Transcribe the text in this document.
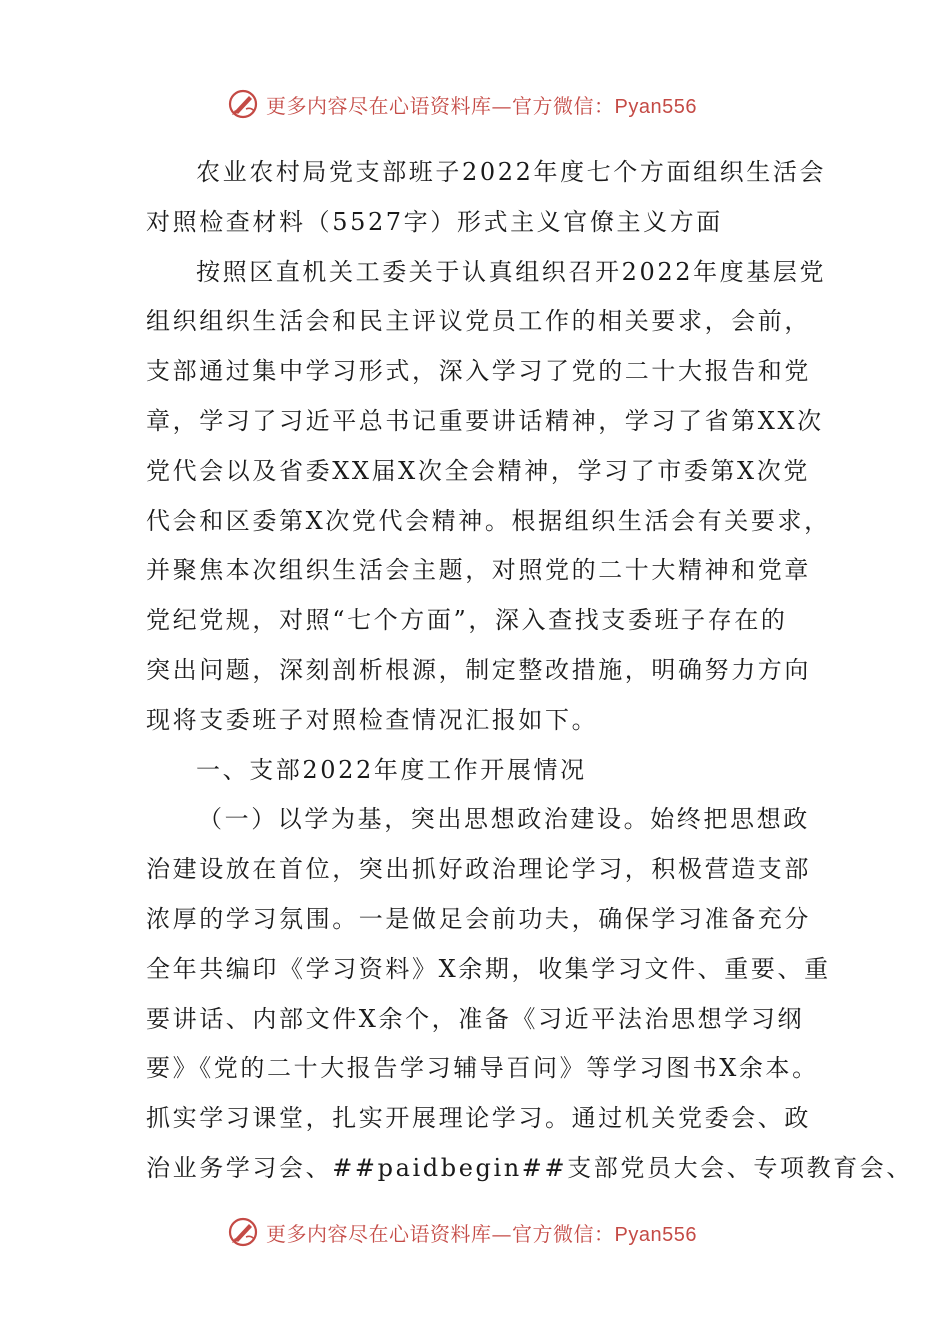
更多内容尽在心语资料库—官方微信：Pyan556
农业农村局党支部班子2022年度七个方面组织生活会
对照检查材料（5527字）形式主义官僚主义方面
按照区直机关工委关于认真组织召开2022年度基层党
组织组织生活会和民主评议党员工作的相关要求，会前，
支部通过集中学习形式，深入学习了党的二十大报告和党
章，学习了习近平总书记重要讲话精神，学习了省第XX次
党代会以及省委XX届X次全会精神，学习了市委第X次党
代会和区委第X次党代会精神。根据组织生活会有关要求，
并聚焦本次组织生活会主题，对照党的二十大精神和党章
党纪党规，对照“七个方面”，深入查找支委班子存在的
突出问题，深刻剖析根源，制定整改措施，明确努力方向
现将支委班子对照检查情况汇报如下。
一、支部2022年度工作开展情况
（一）以学为基，突出思想政治建设。始终把思想政
治建设放在首位，突出抓好政治理论学习，积极营造支部
浓厚的学习氛围。一是做足会前功夫，确保学习准备充分
全年共编印《学习资料》X余期，收集学习文件、重要、重
要讲话、内部文件X余个，准备《习近平法治思想学习纲
要》《党的二十大报告学习辅导百问》等学习图书X余本。
抓实学习课堂，扎实开展理论学习。通过机关党委会、政
治业务学习会、##paidbegin##支部党员大会、专项教育会、
更多内容尽在心语资料库—官方微信：Pyan556
